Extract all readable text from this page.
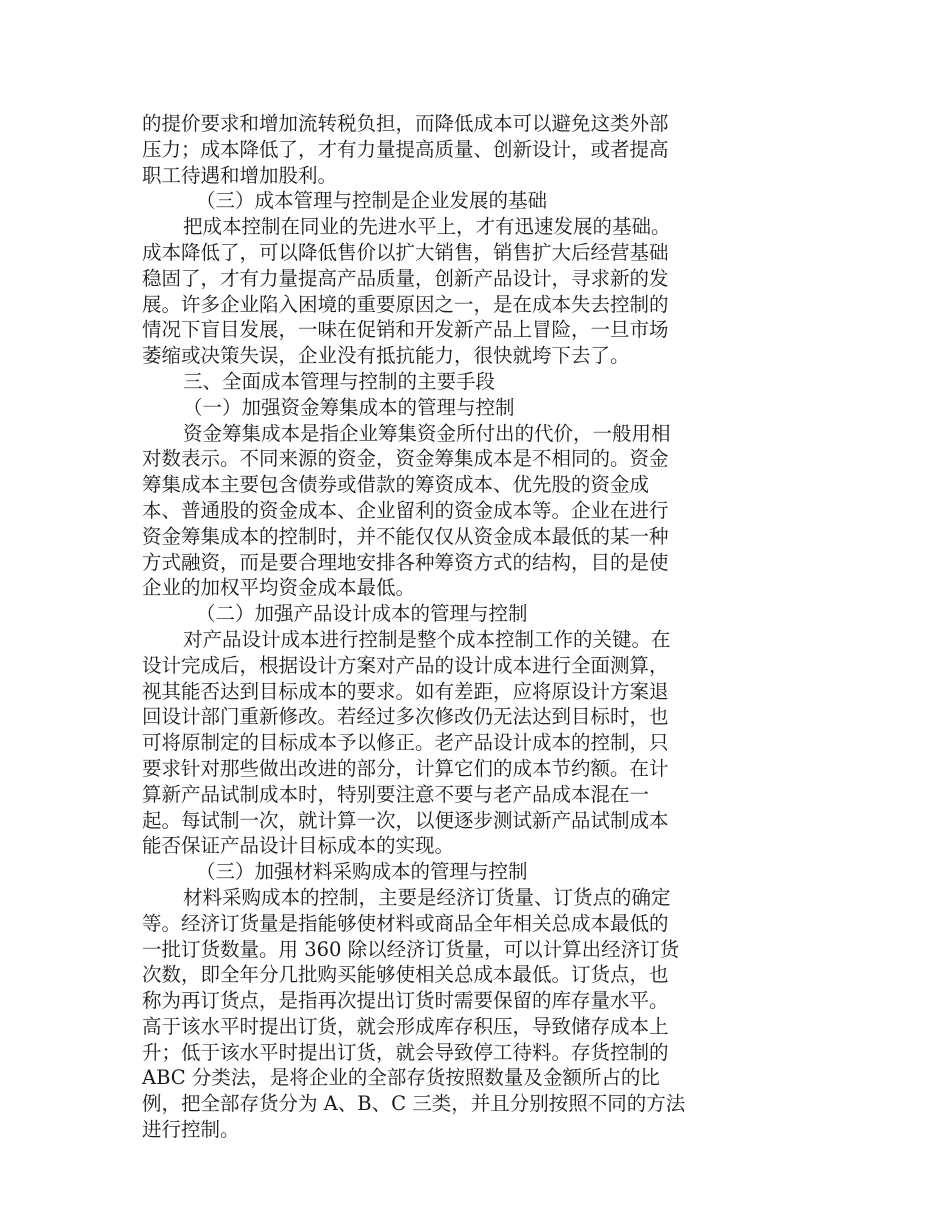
的提价要求和增加流转税负担，而降低成本可以避免这类外部
压力；成本降低了，才有力量提高质量、创新设计，或者提高
职工待遇和增加股利。
（三）成本管理与控制是企业发展的基础
把成本控制在同业的先进水平上，才有迅速发展的基础。
成本降低了，可以降低售价以扩大销售，销售扩大后经营基础
稳固了，才有力量提高产品质量，创新产品设计，寻求新的发
展。许多企业陷入困境的重要原因之一，是在成本失去控制的
情况下盲目发展，一味在促销和开发新产品上冒险，一旦市场
萎缩或决策失误，企业没有抵抗能力，很快就垮下去了。
三、全面成本管理与控制的主要手段
（一）加强资金筹集成本的管理与控制
资金筹集成本是指企业筹集资金所付出的代价，一般用相
对数表示。不同来源的资金，资金筹集成本是不相同的。资金
筹集成本主要包含债券或借款的筹资成本、优先股的资金成
本、普通股的资金成本、企业留利的资金成本等。企业在进行
资金筹集成本的控制时，并不能仅仅从资金成本最低的某一种
方式融资，而是要合理地安排各种筹资方式的结构，目的是使
企业的加权平均资金成本最低。
（二）加强产品设计成本的管理与控制
对产品设计成本进行控制是整个成本控制工作的关键。在
设计完成后，根据设计方案对产品的设计成本进行全面测算，
视其能否达到目标成本的要求。如有差距，应将原设计方案退
回设计部门重新修改。若经过多次修改仍无法达到目标时，也
可将原制定的目标成本予以修正。老产品设计成本的控制，只
要求针对那些做出改进的部分，计算它们的成本节约额。在计
算新产品试制成本时，特别要注意不要与老产品成本混在一
起。每试制一次，就计算一次，以便逐步测试新产品试制成本
能否保证产品设计目标成本的实现。
（三）加强材料采购成本的管理与控制
材料采购成本的控制，主要是经济订货量、订货点的确定
等。经济订货量是指能够使材料或商品全年相关总成本最低的
一批订货数量。用 360 除以经济订货量，可以计算出经济订货
次数，即全年分几批购买能够使相关总成本最低。订货点，也
称为再订货点，是指再次提出订货时需要保留的库存量水平。
高于该水平时提出订货，就会形成库存积压，导致储存成本上
升；低于该水平时提出订货，就会导致停工待料。存货控制的
ABC 分类法，是将企业的全部存货按照数量及金额所占的比
例，把全部存货分为 A、B、C 三类，并且分别按照不同的方法
进行控制。
